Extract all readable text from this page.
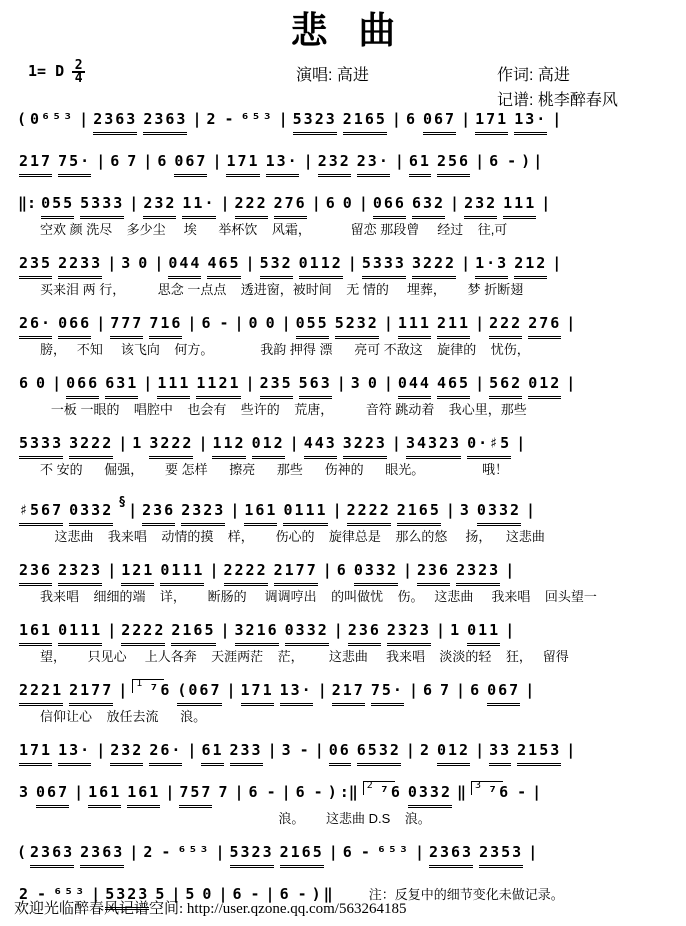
悲   曲
1= D $\frac{2}{4}$	演唱: 高进	作词: 高进
记谱: 桃李醉春风
( 0⁶⁵³ | 2363 2363 | 2 - ⁶⁵³ | 5323 2165 | 6 067 | 171 13· |
217 75· | 6 7 | 6 067 | 171 13· | 232 23· | 61 256 | 6 - ) |
‖: 055 5333 | 232 11· | 222 276 | 6 0 | 066 632 | 232 111 |
空欢 颜 洗尽    多少尘     埃      举杯饮    风霜，           留恋 那段曾     经过    往,可
235 2233 | 3 0 | 044 465 | 532 0112 | 5333 3222 | 1·3 212 |
买来泪 两 行，         思念 一点点    透进窗，被时间    无 情的     埋葬，      梦 折断翅
26· 066 | 777 716 | 6 - | 0 0 | 055 5232 | 111 211 | 222 276 |
膀，   不知     该飞向    何方。             我韵 押得 漂      亮可 不敌这    旋律的    忧伤，
6 0 | 066 631 | 111 1121 | 235 563 | 3 0 | 044 465 | 562 012 |
一板 一眼的    唱腔中    也会有    些许的    荒唐，         音符 跳动着    我心里，那些
5333 3222 | 1 3222 | 112 012 | 443 3223 | 34323 0·♯5 |
不 安的      倔强，      要 怎样      擦亮      那些      伤神的      眼光。                哦！
♯567 0332 § | 236 2323 | 161 0111 | 2222 2165 | 3 0332 |
这悲曲    我来唱    动情的摸    样，      伤心的    旋律总是    那么的悠     扬，    这悲曲
236 2323 | 121 0111 | 2222 2177 | 6 0332 | 236 2323 |
我来唱    细细的端    详，      断肠的     调调哼出    的叫做忧    伤。   这悲曲     我来唱    回头望一
161 0111 | 2222 2165 | 3216 0332 | 236 2323 | 1 011 |
望，      只见心     上人各奔    天涯两茫    茫，       这悲曲     我来唱    淡淡的轻    狂，   留得
2221 2177 | 1 ⁷6 (067 | 171 13· | 217 75· | 6 7 | 6 067 |
信仰让心    放任去流      浪。
171 13· | 232 26· | 61 233 | 3 - | 06 6532 | 2 012 | 33 2153 |
3 067 | 161 161 | 757 7 | 6 - | 6 - ) :‖ 2 ⁷6 0332 ‖ 3 ⁷6 - |
浪。      这悲曲 D.S    浪。
( 2363 2363 | 2 - ⁶⁵³ | 5323 2165 | 6 - ⁶⁵³ | 2363 2353 |
2 - ⁶⁵³ | 5323 5 | 5 0 | 6 - | 6 - ) ‖	注：反复中的细节变化未做记录。
欢迎光临醉春风记谱空间: http://user.qzone.qq.com/563264185
